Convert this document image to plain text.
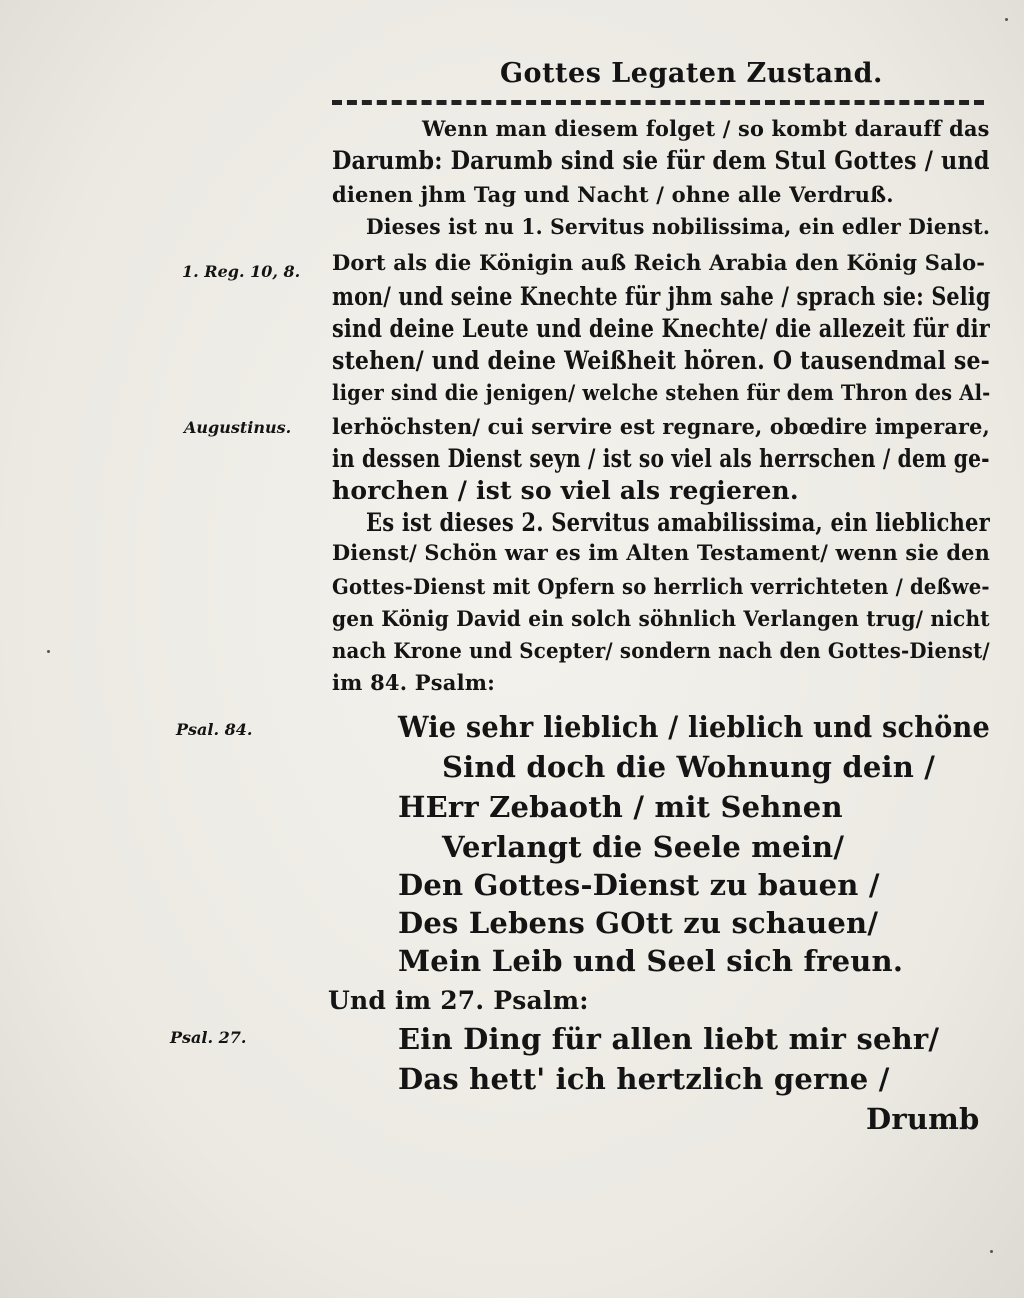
Gottes Legaten Zustand.
1. Reg. 10, 8.
Augustinus.
Psal. 84.
Psal. 27.
Wenn man diesem folget / so kombt darauff das
Darumb: Darumb sind sie für dem Stul Gottes / und
dienen jhm Tag und Nacht / ohne alle Verdruß.
Dieses ist nu 1. Servitus nobilissima, ein edler Dienst.
Dort als die Königin auß Reich Arabia den König Salo-
mon/ und seine Knechte für jhm sahe / sprach sie: Selig
sind deine Leute und deine Knechte/ die allezeit für dir
stehen/ und deine Weißheit hören. O tausendmal se-
liger sind die jenigen/ welche stehen für dem Thron des Al-
lerhöchsten/ cui servire est regnare, obœdire imperare,
in dessen Dienst seyn / ist so viel als herrschen / dem ge-
horchen / ist so viel als regieren.
Es ist dieses 2. Servitus amabilissima, ein lieblicher
Dienst/ Schön war es im Alten Testament/ wenn sie den
Gottes-Dienst mit Opfern so herrlich verrichteten / deßwe-
gen König David ein solch söhnlich Verlangen trug/ nicht
nach Krone und Scepter/ sondern nach den Gottes-Dienst/
im 84. Psalm:
Wie sehr lieblich / lieblich und schöne
Sind doch die Wohnung dein /
HErr Zebaoth / mit Sehnen
Verlangt die Seele mein/
Den Gottes-Dienst zu bauen /
Des Lebens GOtt zu schauen/
Mein Leib und Seel sich freun.
Und im 27. Psalm:
Ein Ding für allen liebt mir sehr/
Das hett' ich hertzlich gerne /
Drumb
